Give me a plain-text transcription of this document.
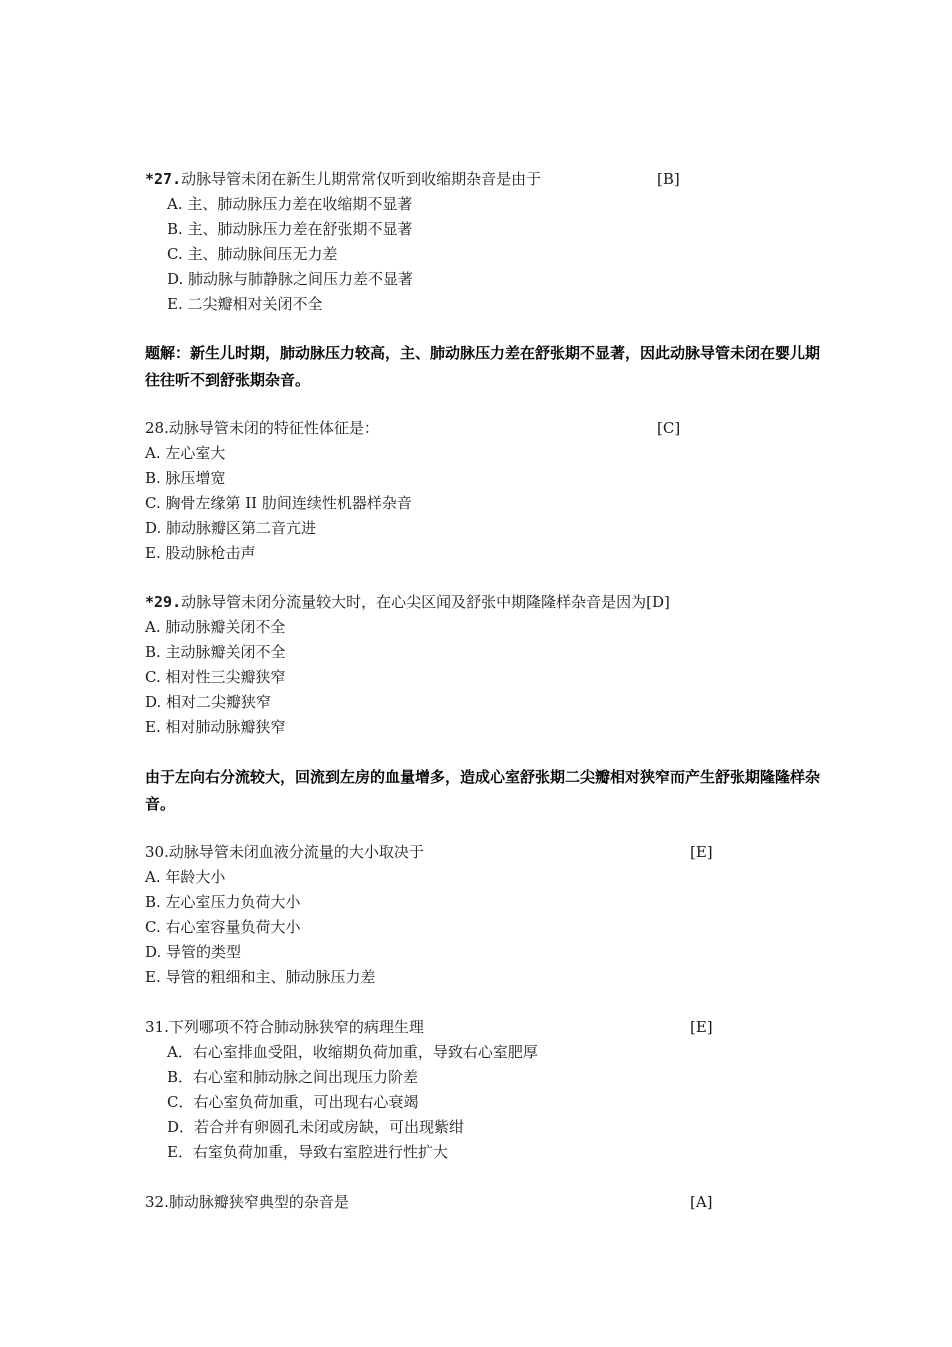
*27.动脉导管未闭在新生儿期常常仅听到收缩期杂音是由于	[B]
A. 主、肺动脉压力差在收缩期不显著
B. 主、肺动脉压力差在舒张期不显著
C. 主、肺动脉间压无力差
D. 肺动脉与肺静脉之间压力差不显著
E. 二尖瓣相对关闭不全
题解：新生儿时期，肺动脉压力较高，主、肺动脉压力差在舒张期不显著，因此动脉导管未闭在婴儿期往往听不到舒张期杂音。
28.动脉导管未闭的特征性体征是：	[C]
A. 左心室大
B. 脉压增宽
C. 胸骨左缘第 II 肋间连续性机器样杂音
D. 肺动脉瓣区第二音亢进
E. 股动脉枪击声
*29.动脉导管未闭分流量较大时，在心尖区闻及舒张中期隆隆样杂音是因为[D]
A. 肺动脉瓣关闭不全
B. 主动脉瓣关闭不全
C. 相对性三尖瓣狭窄
D. 相对二尖瓣狭窄
E. 相对肺动脉瓣狭窄
由于左向右分流较大，回流到左房的血量增多，造成心室舒张期二尖瓣相对狭窄而产生舒张期隆隆样杂音。
30.动脉导管未闭血液分流量的大小取决于	[E]
A. 年龄大小
B. 左心室压力负荷大小
C. 右心室容量负荷大小
D. 导管的类型
E. 导管的粗细和主、肺动脉压力差
31.下列哪项不符合肺动脉狭窄的病理生理	[E]
A．右心室排血受阻，收缩期负荷加重，导致右心室肥厚
B．右心室和肺动脉之间出现压力阶差
C．右心室负荷加重，可出现右心衰竭
D．若合并有卵圆孔未闭或房缺，可出现紫绀
E．右室负荷加重，导致右室腔进行性扩大
32.肺动脉瓣狭窄典型的杂音是	[A]
